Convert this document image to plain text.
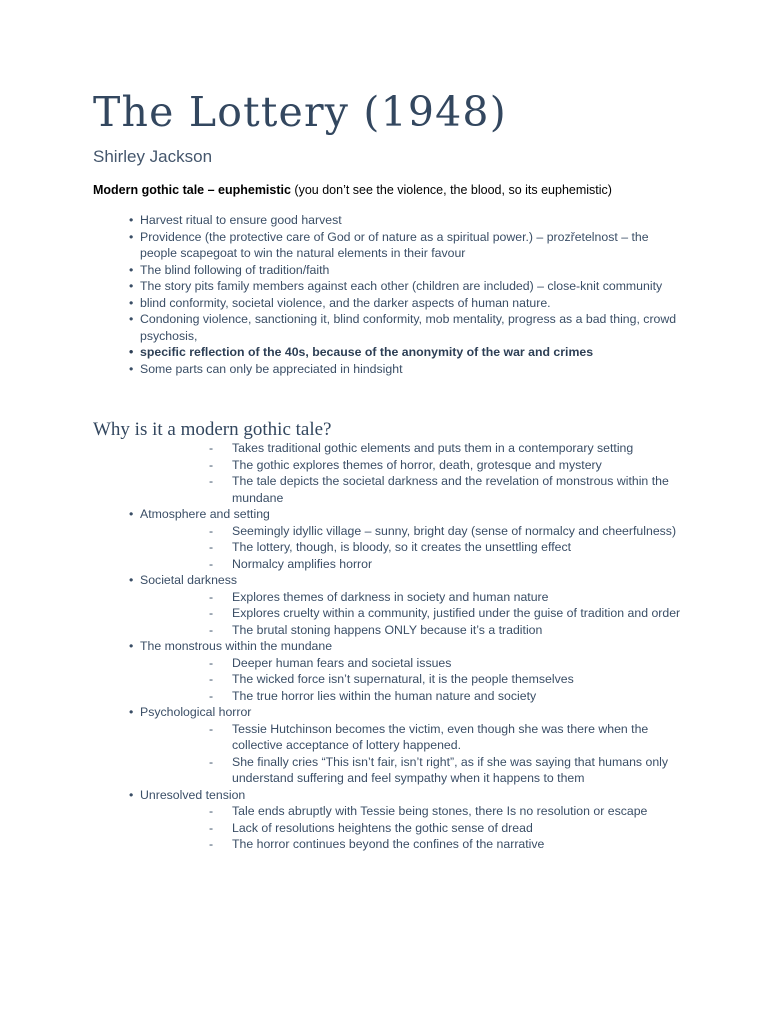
The Lottery (1948)
Shirley Jackson

Modern gothic tale – euphemistic (you don’t see the violence, the blood, so its euphemistic)

• Harvest ritual to ensure good harvest
• Providence (the protective care of God or of nature as a spiritual power.) – prozřetelnost – the people scapegoat to win the natural elements in their favour
• The blind following of tradition/faith
• The story pits family members against each other (children are included) – close-knit community
• blind conformity, societal violence, and the darker aspects of human nature.
• Condoning violence, sanctioning it, blind conformity, mob mentality, progress as a bad thing, crowd psychosis,
• specific reflection of the 40s, because of the anonymity of the war and crimes
• Some parts can only be appreciated in hindsight
Why is it a modern gothic tale?
- Takes traditional gothic elements and puts them in a contemporary setting
- The gothic explores themes of horror, death, grotesque and mystery
- The tale depicts the societal darkness and the revelation of monstrous within the mundane
• Atmosphere and setting
- Seemingly idyllic village – sunny, bright day (sense of normalcy and cheerfulness)
- The lottery, though, is bloody, so it creates the unsettling effect
- Normalcy amplifies horror
• Societal darkness
- Explores themes of darkness in society and human nature
- Explores cruelty within a community, justified under the guise of tradition and order
- The brutal stoning happens ONLY because it’s a tradition
• The monstrous within the mundane
- Deeper human fears and societal issues
- The wicked force isn’t supernatural, it is the people themselves
- The true horror lies within the human nature and society
• Psychological horror
- Tessie Hutchinson becomes the victim, even though she was there when the collective acceptance of lottery happened.
- She finally cries “This isn’t fair, isn’t right”, as if she was saying that humans only understand suffering and feel sympathy when it happens to them
• Unresolved tension
- Tale ends abruptly with Tessie being stones, there Is no resolution or escape
- Lack of resolutions heightens the gothic sense of dread
- The horror continues beyond the confines of the narrative
